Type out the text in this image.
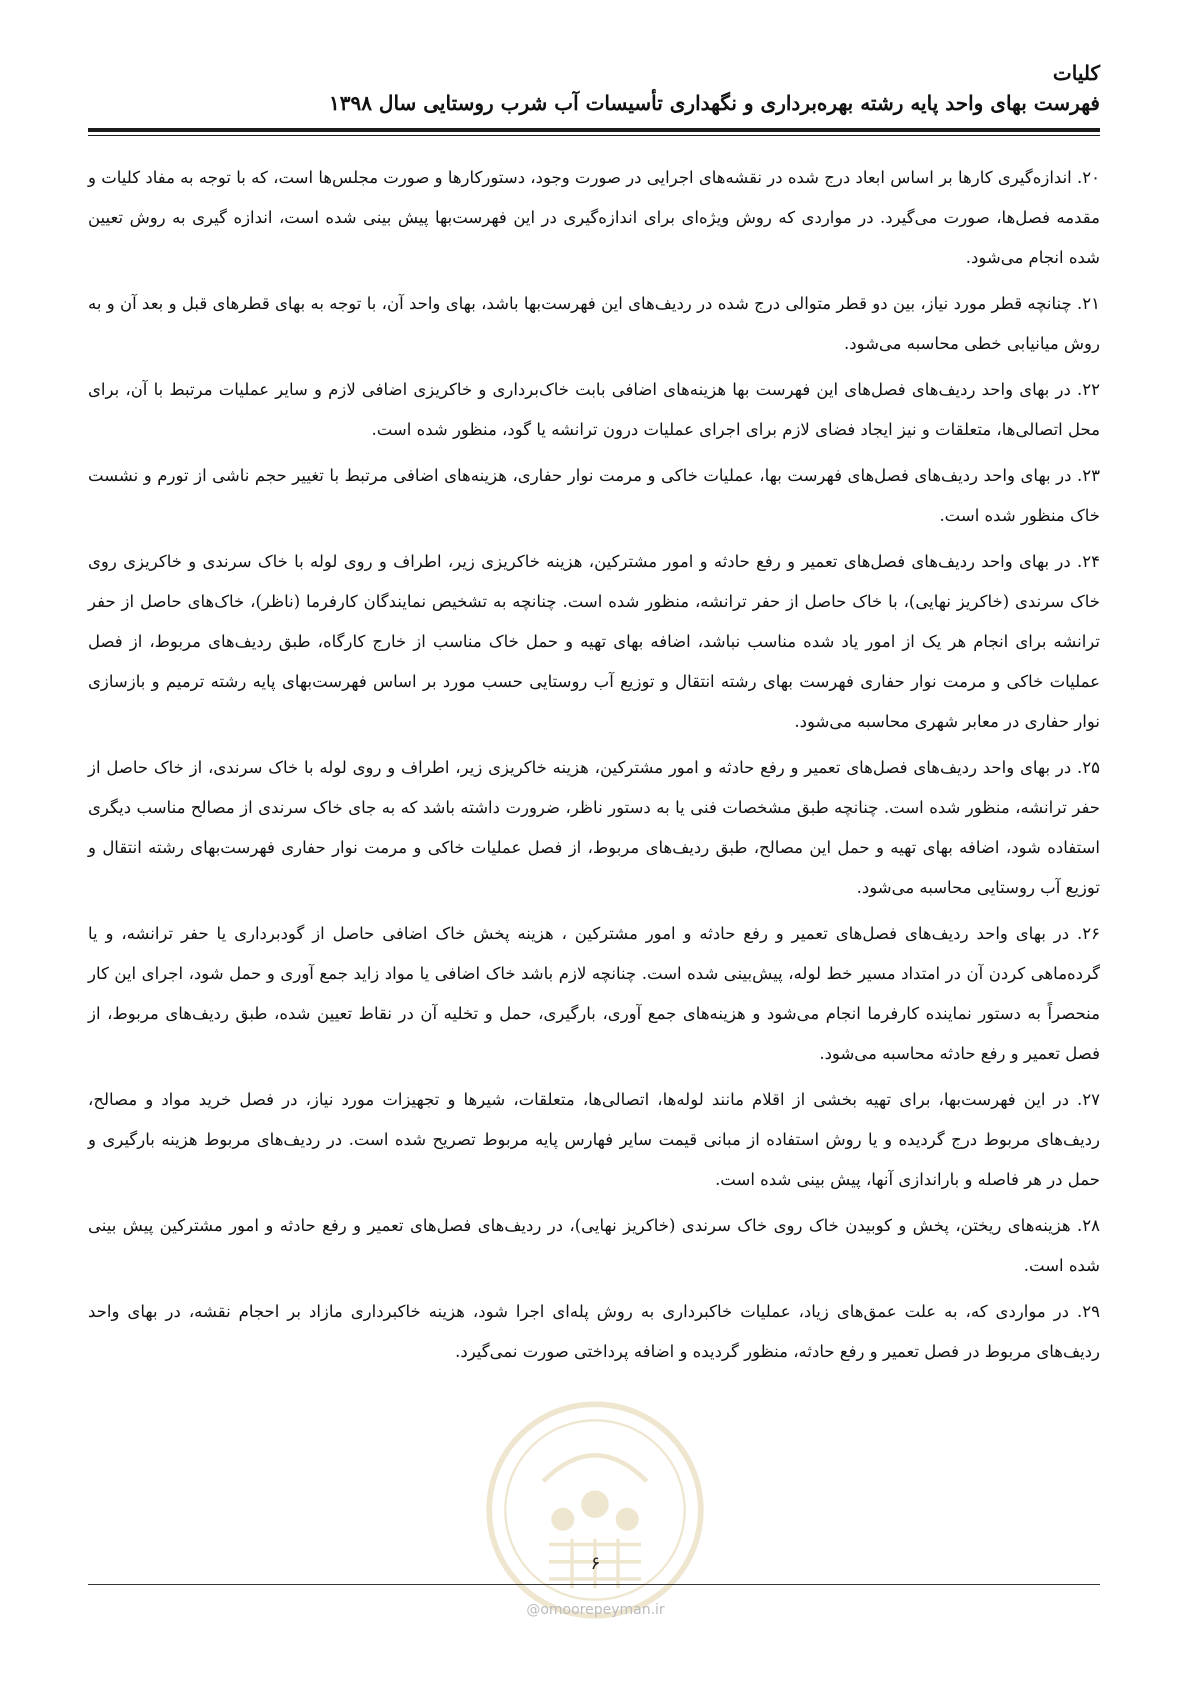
کلیات
فهرست بهای واحد پایه رشته بهره‌برداری و نگهداری تأسیسات آب شرب روستایی سال ۱۳۹۸

۲۰. اندازه‌گیری کارها بر اساس ابعاد درج شده در نقشه‌های اجرایی در صورت وجود، دستورکارها و صورت مجلس‌ها است، که با توجه به مفاد کلیات و مقدمه فصل‌ها، صورت می‌گیرد. در مواردی که روش ویژه‌ای برای اندازه‌گیری در این فهرست‌بها پیش بینی شده است، اندازه گیری به روش تعیین شده انجام می‌شود.

۲۱. چنانچه قطر مورد نیاز، بین دو قطر متوالی درج شده در ردیف‌های این فهرست‌بها باشد، بهای واحد آن، با توجه به بهای قطرهای قبل و بعد آن و به روش میانیابی خطی محاسبه می‌شود.

۲۲. در بهای واحد ردیف‌های فصل‌های این فهرست بها هزینه‌های اضافی بابت خاک‌برداری و خاکریزی اضافی لازم و سایر عملیات مرتبط با آن، برای محل اتصالی‌ها، متعلقات و نیز ایجاد فضای لازم برای اجرای عملیات درون ترانشه یا گود، منظور شده است.

۲۳. در بهای واحد ردیف‌های فصل‌های فهرست بها، عملیات خاکی و مرمت نوار حفاری، هزینه‌های اضافی مرتبط با تغییر حجم ناشی از تورم و نشست خاک منظور شده است.

۲۴. در بهای واحد ردیف‌های فصل‌های تعمیر و رفع حادثه و امور مشترکین، هزینه خاکریزی زیر، اطراف و روی لوله با خاک سرندی و خاکریزی روی خاک سرندی (خاکریز نهایی)، با خاک حاصل از حفر ترانشه، منظور شده است. چنانچه به تشخیص نمایندگان کارفرما (ناظر)، خاک‌های حاصل از حفر ترانشه برای انجام هر یک از امور یاد شده مناسب نباشد، اضافه بهای تهیه و حمل خاک مناسب از خارج کارگاه، طبق ردیف‌های مربوط، از فصل عملیات خاکی و مرمت نوار حفاری فهرست بهای رشته انتقال و توزیع آب روستایی حسب مورد بر اساس فهرست‌بهای پایه رشته ترمیم و بازسازی نوار حفاری در معابر شهری محاسبه می‌شود.

۲۵. در بهای واحد ردیف‌های فصل‌های تعمیر و رفع حادثه و امور مشترکین، هزینه خاکریزی زیر، اطراف و روی لوله با خاک سرندی، از خاک حاصل از حفر ترانشه، منظور شده است. چنانچه طبق مشخصات فنی یا به دستور ناظر، ضرورت داشته باشد که به جای خاک سرندی از مصالح مناسب دیگری استفاده شود، اضافه بهای تهیه و حمل این مصالح، طبق ردیف‌های مربوط، از فصل عملیات خاکی و مرمت نوار حفاری فهرست‌بهای رشته انتقال و توزیع آب روستایی محاسبه می‌شود.

۲۶. در بهای واحد ردیف‌های فصل‌های تعمیر و رفع حادثه و امور مشترکین ، هزینه پخش خاک اضافی حاصل از گودبرداری یا حفر ترانشه، و یا گرده‌ماهی کردن آن در امتداد مسیر خط لوله، پیش‌بینی شده است. چنانچه لازم باشد خاک اضافی یا مواد زاید جمع آوری و حمل شود، اجرای این کار منحصراً به دستور نماینده کارفرما انجام می‌شود و هزینه‌های جمع آوری، بارگیری، حمل و تخلیه آن در نقاط تعیین شده، طبق ردیف‌های مربوط، از فصل تعمیر و رفع حادثه محاسبه می‌شود.

۲۷. در این فهرست‌بها، برای تهیه بخشی از اقلام مانند لوله‌ها، اتصالی‌ها، متعلقات، شیرها و تجهیزات مورد نیاز، در فصل خرید مواد و مصالح، ردیف‌های مربوط درج گردیده و یا روش استفاده از مبانی قیمت سایر فهارس پایه مربوط تصریح شده است. در ردیف‌های مربوط هزینه بارگیری و حمل در هر فاصله و باراندازی آنها، پیش بینی شده است.

۲۸. هزینه‌های ریختن، پخش و کوبیدن خاک روی خاک سرندی (خاکریز نهایی)، در ردیف‌های فصل‌های تعمیر و رفع حادثه و امور مشترکین پیش بینی شده است.

۲۹. در مواردی که، به علت عمق‌های زیاد، عملیات خاکبرداری به روش پله‌ای اجرا شود، هزینه خاکبرداری مازاد بر احجام نقشه، در بهای واحد ردیف‌های مربوط در فصل تعمیر و رفع حادثه، منظور گردیده و اضافه پرداختی صورت نمی‌گیرد.

۶
@omoorepeyman.ir
